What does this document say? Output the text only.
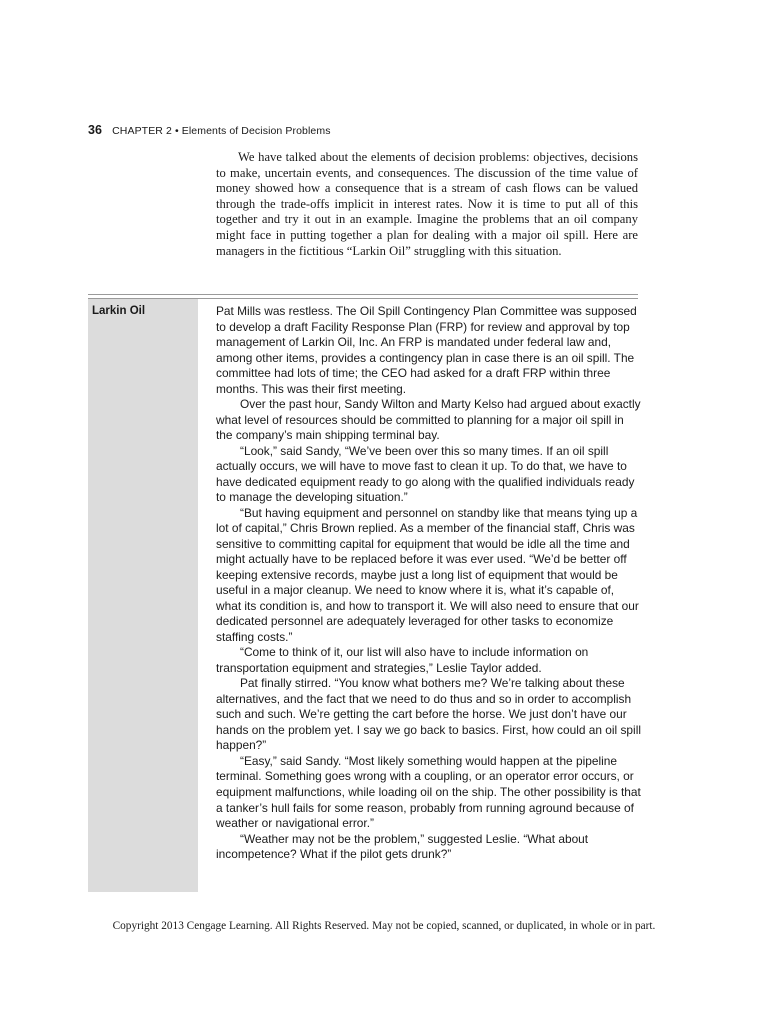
36 CHAPTER 2 • Elements of Decision Problems

We have talked about the elements of decision problems: objectives, decisions to make, uncertain events, and consequences. The discussion of the time value of money showed how a consequence that is a stream of cash flows can be valued through the trade-offs implicit in interest rates. Now it is time to put all of this together and try it out in an example. Imagine the problems that an oil company might face in putting together a plan for dealing with a major oil spill. Here are managers in the fictitious “Larkin Oil” struggling with this situation.

Larkin Oil	Pat Mills was restless. The Oil Spill Contingency Plan Committee was supposed to develop a draft Facility Response Plan (FRP) for review and approval by top management of Larkin Oil, Inc. An FRP is mandated under federal law and, among other items, provides a contingency plan in case there is an oil spill. The committee had lots of time; the CEO had asked for a draft FRP within three months. This was their first meeting.

Over the past hour, Sandy Wilton and Marty Kelso had argued about exactly what level of resources should be committed to planning for a major oil spill in the company’s main shipping terminal bay.

“Look,” said Sandy, “We’ve been over this so many times. If an oil spill actually occurs, we will have to move fast to clean it up. To do that, we have to have dedicated equipment ready to go along with the qualified individuals ready to manage the developing situation.”

“But having equipment and personnel on standby like that means tying up a lot of capital,” Chris Brown replied. As a member of the financial staff, Chris was sensitive to committing capital for equipment that would be idle all the time and might actually have to be replaced before it was ever used. “We’d be better off keeping extensive records, maybe just a long list of equipment that would be useful in a major cleanup. We need to know where it is, what it’s capable of, what its condition is, and how to transport it. We will also need to ensure that our dedicated personnel are adequately leveraged for other tasks to economize staffing costs.”

“Come to think of it, our list will also have to include information on transportation equipment and strategies,” Leslie Taylor added.

Pat finally stirred. “You know what bothers me? We’re talking about these alternatives, and the fact that we need to do thus and so in order to accomplish such and such. We’re getting the cart before the horse. We just don’t have our hands on the problem yet. I say we go back to basics. First, how could an oil spill happen?”

“Easy,” said Sandy. “Most likely something would happen at the pipeline terminal. Something goes wrong with a coupling, or an operator error occurs, or equipment malfunctions, while loading oil on the ship. The other possibility is that a tanker’s hull fails for some reason, probably from running aground because of weather or navigational error.”

“Weather may not be the problem,” suggested Leslie. “What about incompetence? What if the pilot gets drunk?”

Copyright 2013 Cengage Learning. All Rights Reserved. May not be copied, scanned, or duplicated, in whole or in part.
